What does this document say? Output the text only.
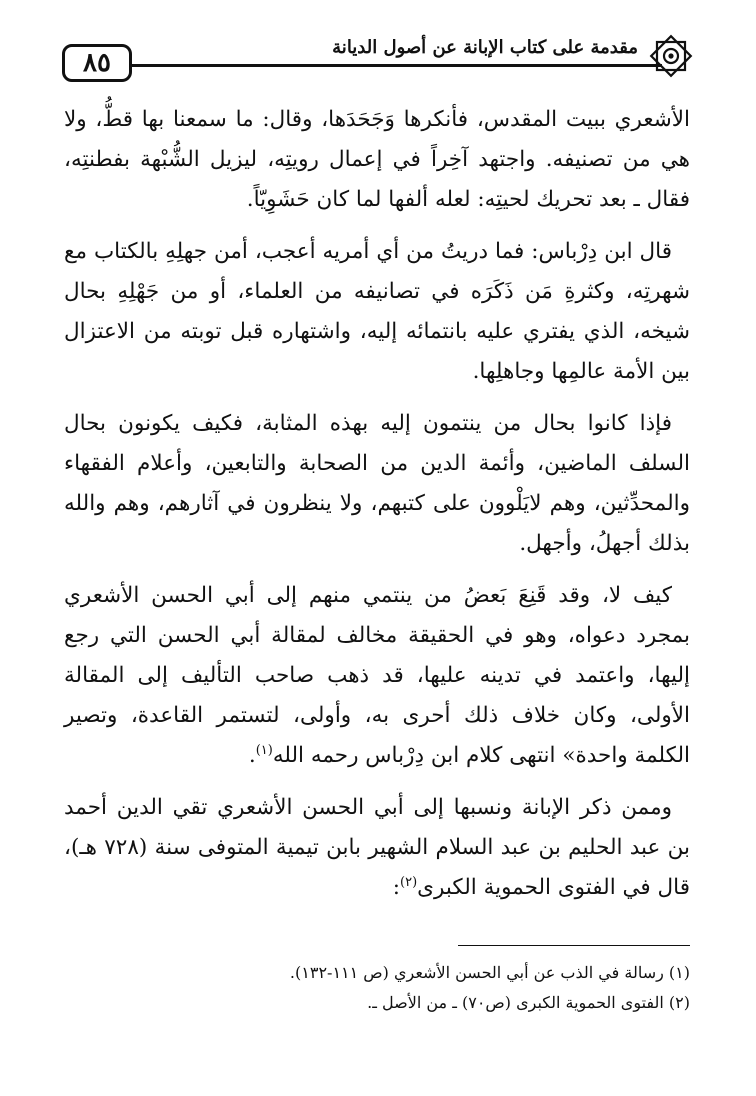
٨٥
مقدمة على كتاب الإبانة عن أصول الديانة

الأشعري ببيت المقدس، فأنكرها وَجَحَدَها، وقال: ما سمعنا بها قطُّ، ولا هي من تصنيفه. واجتهد آخِراً في إعمال رويتِه، ليزيل الشُّبْهة بفطنتِه، فقال ـ بعد تحريك لحيتِه: لعله ألفها لما كان حَشَوِيّاً.

قال ابن دِرْباس: فما دريتُ من أي أمريه أعجب، أمن جهلِهِ بالكتاب مع شهرتِه، وكثرةِ مَن ذَكَرَه في تصانيفه من العلماء، أو من جَهْلِهِ بحال شيخه، الذي يفتري عليه بانتمائه إليه، واشتهاره قبل توبته من الاعتزال بين الأمة عالمِها وجاهلِها.

فإذا كانوا بحال من ينتمون إليه بهذه المثابة، فكيف يكونون بحال السلف الماضين، وأئمة الدين من الصحابة والتابعين، وأعلام الفقهاء والمحدِّثين، وهم لايَلْوون على كتبهم، ولا ينظرون في آثارهم، وهم والله بذلك أجهلُ، وأجهل.

كيف لا، وقد قَنِعَ بَعضُ من ينتمي منهم إلى أبي الحسن الأشعري بمجرد دعواه، وهو في الحقيقة مخالف لمقالة أبي الحسن التي رجع إليها، واعتمد في تدينه عليها، قد ذهب صاحب التأليف إلى المقالة الأولى، وكان خلاف ذلك أحرى به، وأولى، لتستمر القاعدة، وتصير الكلمة واحدة» انتهى كلام ابن دِرْباس رحمه الله$^{(١)}$.

وممن ذكر الإبانة ونسبها إلى أبي الحسن الأشعري تقي الدين أحمد بن عبد الحليم بن عبد السلام الشهير بابن تيمية المتوفى سنة (٧٢٨ هـ)، قال في الفتوى الحموية الكبرى$^{(٢)}$:

(١) رسالة في الذب عن أبي الحسن الأشعري (ص ١١١-١٣٢).

(٢) الفتوى الحموية الكبرى (ص٧٠) ـ من الأصل ـ.
